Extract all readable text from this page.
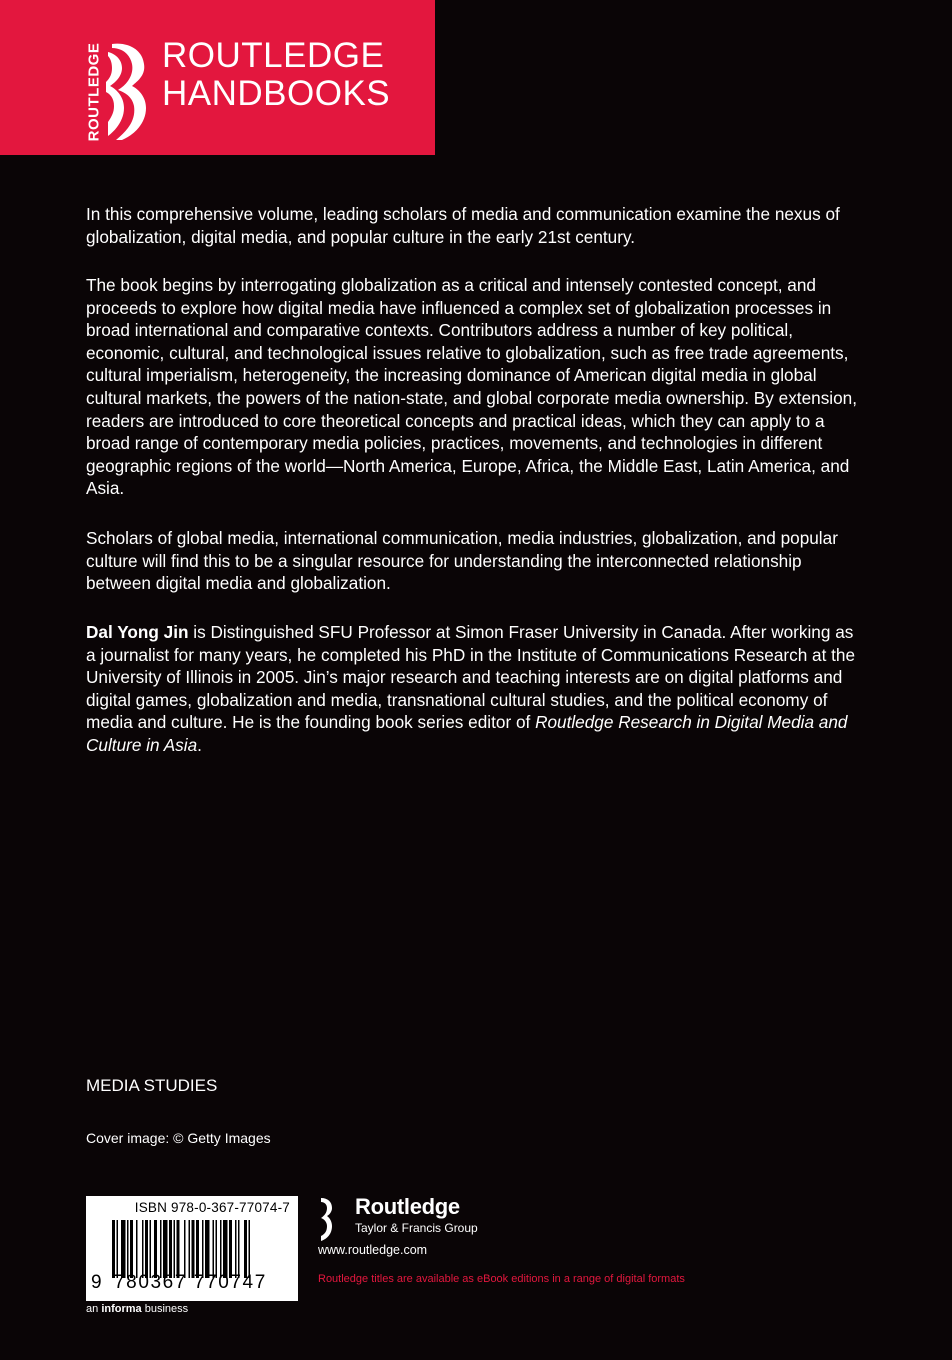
ROUTLEDGE ROUTLEDGE
HANDBOOKS

In this comprehensive volume, leading scholars of media and communication examine the nexus of globalization, digital media, and popular culture in the early 21st century.

The book begins by interrogating globalization as a critical and intensely contested concept, and proceeds to explore how digital media have influenced a complex set of globalization processes in broad international and comparative contexts. Contributors address a number of key political, economic, cultural, and technological issues relative to globalization, such as free trade agreements, cultural imperialism, heterogeneity, the increasing dominance of American digital media in global cultural markets, the powers of the nation-state, and global corporate media ownership. By extension, readers are introduced to core theoretical concepts and practical ideas, which they can apply to a broad range of contemporary media policies, practices, movements, and technologies in different geographic regions of the world—North America, Europe, Africa, the Middle East, Latin America, and Asia.

Scholars of global media, international communication, media industries, globalization, and popular culture will find this to be a singular resource for understanding the interconnected relationship between digital media and globalization.

Dal Yong Jin is Distinguished SFU Professor at Simon Fraser University in Canada. After working as a journalist for many years, he completed his PhD in the Institute of Communications Research at the University of Illinois in 2005. Jin’s major research and teaching interests are on digital platforms and digital games, globalization and media, transnational cultural studies, and the political economy of media and culture. He is the founding book series editor of Routledge Research in Digital Media and Culture in Asia.

MEDIA STUDIES
Cover image: © Getty Images
ISBN 978-0-367-77074-7
9 780367 770747
an informa business
Routledge
Taylor & Francis Group
www.routledge.com
Routledge titles are available as eBook editions in a range of digital formats
